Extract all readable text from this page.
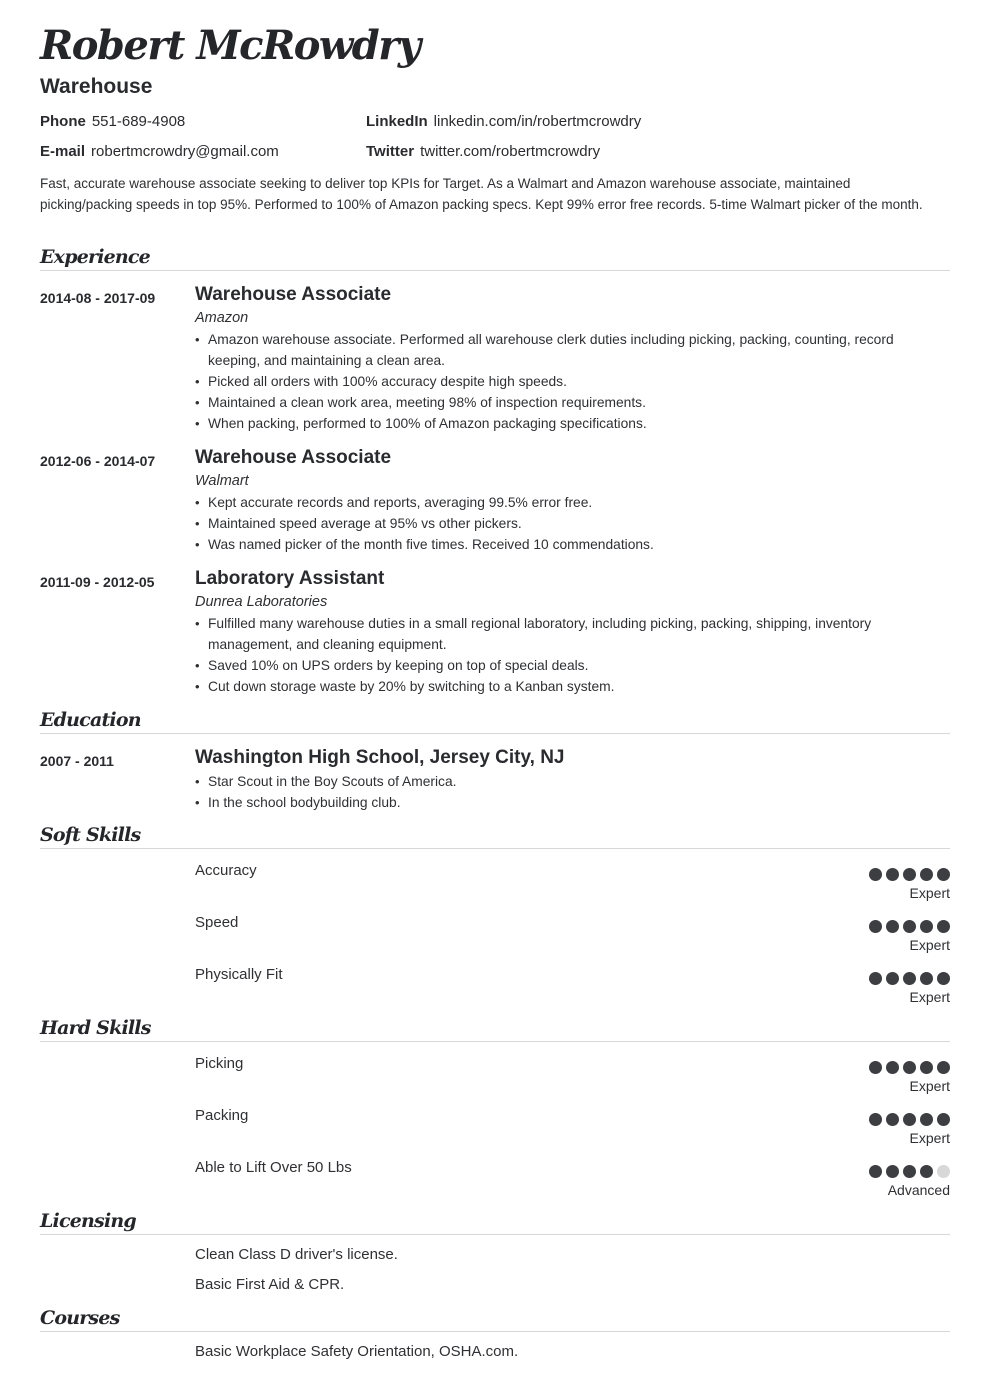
Robert McRowdry
Warehouse
Phone 551-689-4908
E-mail robertmcrowdry@gmail.com
LinkedIn linkedin.com/in/robertmcrowdry
Twitter twitter.com/robertmcrowdry

Fast, accurate warehouse associate seeking to deliver top KPIs for Target. As a Walmart and Amazon warehouse associate, maintained picking/packing speeds in top 95%. Performed to 100% of Amazon packing specs. Kept 99% error free records. 5-time Walmart picker of the month.

Experience
2014-08 - 2017-09 Warehouse Associate
Amazon
• Amazon warehouse associate. Performed all warehouse clerk duties including picking, packing, counting, record keeping, and maintaining a clean area.
• Picked all orders with 100% accuracy despite high speeds.
• Maintained a clean work area, meeting 98% of inspection requirements.
• When packing, performed to 100% of Amazon packaging specifications.
2012-06 - 2014-07 Warehouse Associate
Walmart
• Kept accurate records and reports, averaging 99.5% error free.
• Maintained speed average at 95% vs other pickers.
• Was named picker of the month five times. Received 10 commendations.
2011-09 - 2012-05 Laboratory Assistant
Dunrea Laboratories
• Fulfilled many warehouse duties in a small regional laboratory, including picking, packing, shipping, inventory management, and cleaning equipment.
• Saved 10% on UPS orders by keeping on top of special deals.
• Cut down storage waste by 20% by switching to a Kanban system.
Education
2007 - 2011	Washington High School, Jersey City, NJ
• Star Scout in the Boy Scouts of America.
• In the school bodybuilding club.
Soft Skills
Accuracy
Expert
Speed
Expert
Physically Fit
Expert
Hard Skills
Picking
Expert
Packing
Expert
Able to Lift Over 50 Lbs
Advanced
Licensing
Clean Class D driver's license.
Basic First Aid & CPR.
Courses
Basic Workplace Safety Orientation, OSHA.com.
